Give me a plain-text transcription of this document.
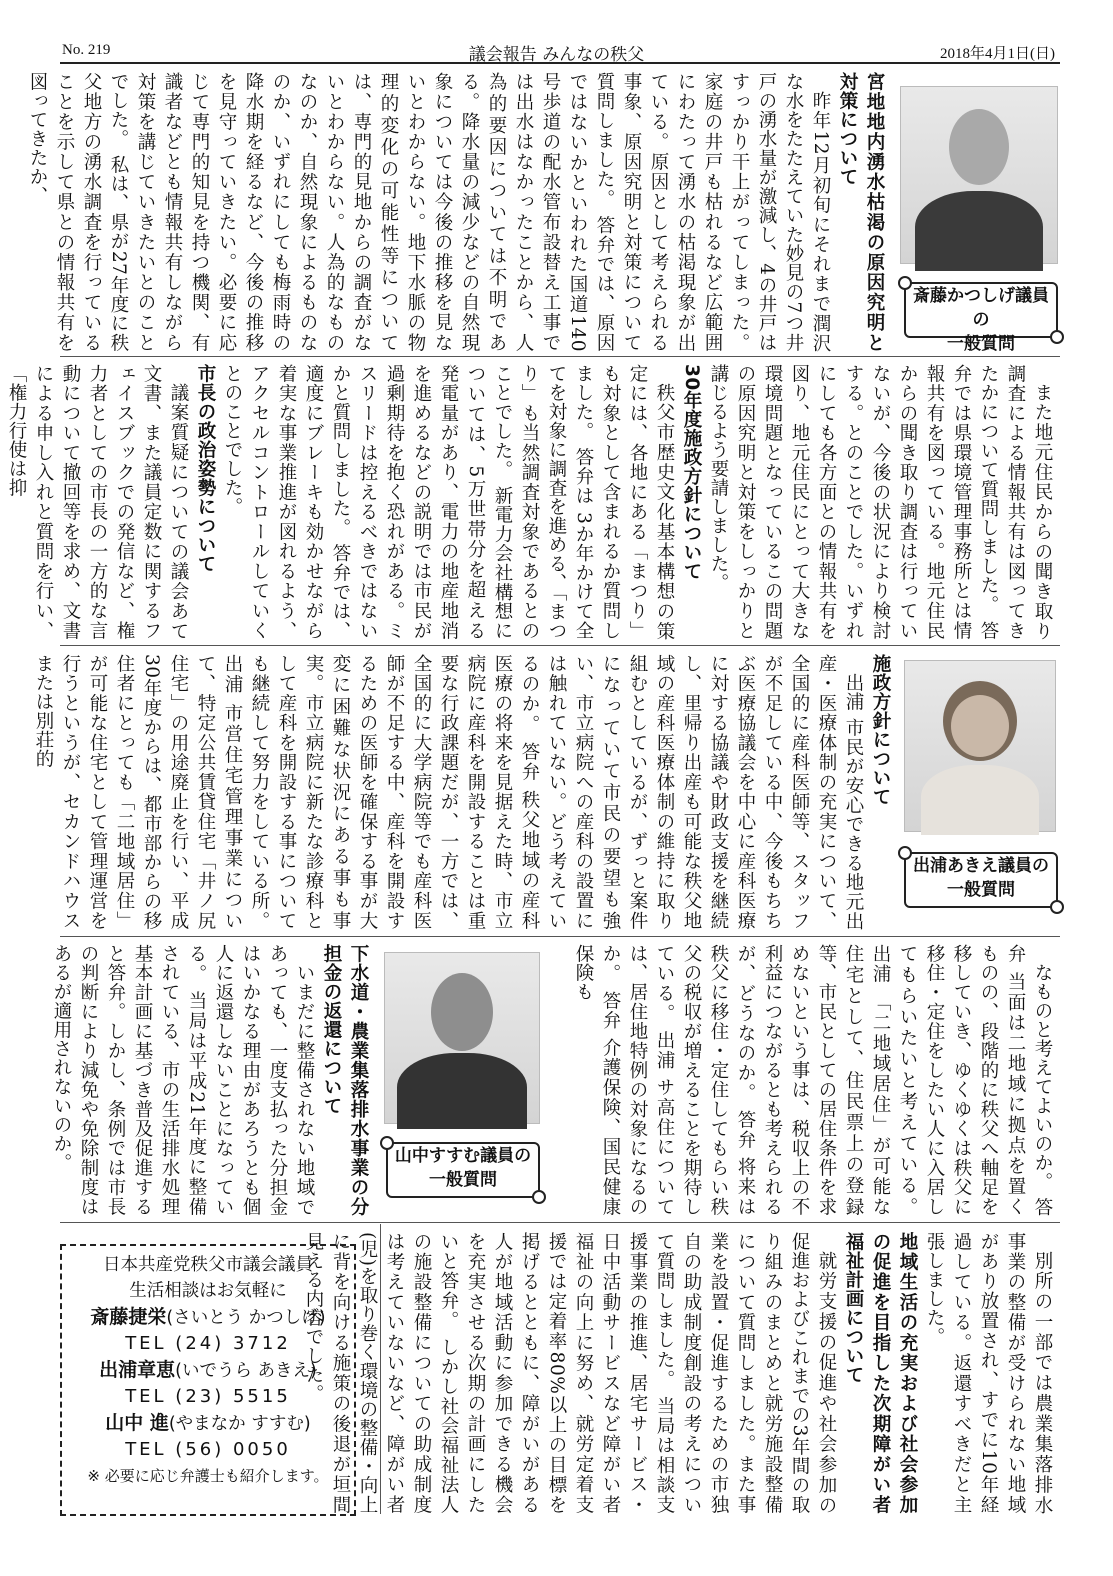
No. 219	議会報告 みんなの秩父	2018年4月1日(日)
斎藤かつしげ議員の
一般質問
宮地地内湧水枯渇の原因究明と対策について

昨年12月初旬にそれまで潤沢な水をたたえていた妙見の7つ井戸の湧水量が激減し、4の井戸はすっかり干上がってしまった。家庭の井戸も枯れるなど広範囲にわたって湧水の枯渇現象が出ている。原因として考えられる事象、原因究明と対策について質問しました。 答弁では、原因ではないかといわれた国道140号歩道の配水管布設替え工事では出水はなかったことから、人為的要因については不明である。降水量の減少などの自然現象については今後の推移を見ないとわからない。地下水脈の物理的変化の可能性等については、専門的見地からの調査がないとわからない。人為的なものなのか、自然現象によるものなのか、いずれにしても梅雨時の降水期を経るなど、今後の推移を見守っていきたい。必要に応じて専門的知見を持つ機関、有識者などとも情報共有しながら対策を講じていきたいとのことでした。 私は、県が27年度に秩父地方の湧水調査を行っていることを示して県との情報共有を図ってきたか、

また地元住民からの聞き取り調査による情報共有は図ってきたかについて質問しました。 答弁では県環境管理事務所とは情報共有を図っている。地元住民からの聞き取り調査は行っていないが、今後の状況により検討する。とのことでした。いずれにしても各方面との情報共有を図り、地元住民にとって大きな環境問題となっているこの問題の原因究明と対策をしっかりと講じるよう要請しました。

30年度施政方針について

秩父市歴史文化基本構想の策定には、各地にある「まつり」も対象として含まれるか質問しました。 答弁は 3か年かけて全てを対象に調査を進める、「まつり」も当然調査対象であるとのことでした。 新電力会社構想については、5万世帯分を超える発電量があり、電力の地産地消を進めるなどの説明では市民が過剰期待を抱く恐れがある。ミスリードは控えるべきではないかと質問しました。 答弁では、適度にブレーキも効かせながら着実な事業推進が図れるよう、アクセルコントロールしていくとのことでした。

市長の政治姿勢について

議案質疑についての議会あて文書、また議員定数に関するフェイスブックでの発信など、権力者としての市長の一方的な言動について撤回等を求め、文書による申し入れと質問を行い、「権力行使は抑

出浦あきえ議員の
一般質問
施政方針について

出浦 市民が安心できる地元出産・医療体制の充実について、全国的に産科医師等、スタッフが不足している中、今後もちちぶ医療協議会を中心に産科医療に対する協議や財政支援を継続し、里帰り出産も可能な秩父地域の産科医療体制の維持に取り組むとしているが、ずっと案件になっていて市民の要望も強い、市立病院への産科の設置には触れていない。どう考えているのか。 答弁 秩父地域の産科医療の将来を見据えた時、市立病院に産科を開設することは重要な行政課題だが、一方では、全国的に大学病院等でも産科医師が不足する中、産科を開設するための医師を確保する事が大変に困難な状況にある事も事実。市立病院に新たな診療科として産科を開設する事についても継続して努力をしている所。 出浦 市営住宅管理事業について、特定公共賃貸住宅「井ノ尻住宅」の用途廃止を行い、平成30年度からは、都市部からの移住者にとっても「二地域居住」が可能な住宅として管理運営を行うというが、セカンドハウスまたは別荘的

なものと考えてよいのか。 答弁 当面は二地域に拠点を置くものの、段階的に秩父へ軸足を移していき、ゆくゆくは秩父に移住・定住をしたい人に入居してもらいたいと考えている。 出浦 「二地域居住」が可能な住宅として、住民票上の登録等、市民としての居住条件を求めないという事は、税収上の不利益につながるとも考えられるが、どうなのか。 答弁 将来は秩父に移住・定住してもらい秩父の税収が増えることを期待している。 出浦 サ高住については、居住地特例の対象になるのか。 答弁 介護保険、国民健康保険も

山中すすむ議員の
一般質問
下水道・農業集落排水事業の分担金の返還について

いまだに整備されない地域であっても、一度支払った分担金はいかなる理由があろうとも個人に返還しないことになっている。 当局は平成21年度に整備されている、市の生活排水処理基本計画に基づき普及促進すると答弁。しかし、条例では市長の判断により減免や免除制度はあるが適用されないのか。

別所の一部では農業集落排水事業の整備が受けられない地域があり放置され、すでに10年経過している。返還すべきだと主張しました。

地域生活の充実および社会参加の促進を目指した次期障がい者福祉計画について

就労支援の促進や社会参加の促進およびこれまでの3年間の取り組みのまとめと就労施設整備について質問しました。また事業を設置・促進するための市独自の助成制度創設の考えについて質問しました。 当局は相談支援事業の推進、居宅サービス・日中活動サービスなど障がい者福祉の向上に努め、就労定着支援では定着率80%以上の目標を掲げるとともに、障がいがある人が地域活動に参加できる機会を充実させる次期の計画にしたいと答弁。 しかし社会福祉法人の施設整備についての助成制度は考えていないなど、障がい者(児)を取り巻く環境の整備・向上に背を向ける施策の後退が垣間見える内容でした。

日本共産党秩父市議会議員
生活相談はお気軽に
斎藤捷栄(さいとう かつしげ)
TEL (24) 3712
出浦章恵(いでうら あきえ)
TEL (23) 5515
山中 進(やまなか すすむ)
TEL (56) 0050
※ 必要に応じ弁護士も紹介します。
